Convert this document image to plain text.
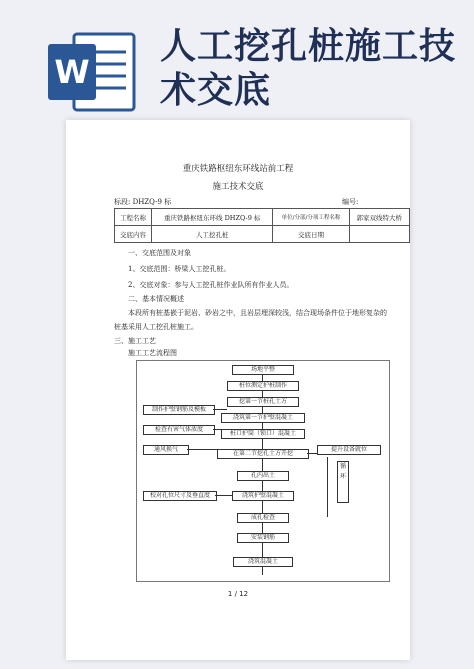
W
人工挖孔桩施工技术交底
重庆铁路枢纽东环线站前工程
施工技术交底
标段: DHZQ-9 标	编号:
工程名称	重庆铁路枢纽东环线 DHZQ-9 标	单位/分部/分项工程名称	郭家双线特大桥
交底内容	人工挖孔桩	交底日期	
一、交底范围及对象
1、交底范围：桥梁人工挖孔桩。
2、交底对象：参与人工挖孔桩作业队所有作业人员。
二、基本情况概述
本段所有桩基嵌于泥岩、砂岩之中，且岩层埋深较浅，结合现场条件位于地形复杂的
桩基采用人工挖孔桩施工。
三、施工工艺
施工工艺流程图
场地平整
桩位测定护桩制作
挖第一节桩孔土方
浇筑第一节护壁混凝土
桩口护筒（锁口）混凝土
提升设备就位
在第二节挖孔土方开挖
孔内出土
浇筑护壁混凝土
成孔检查
安装钢筋
浇筑混凝土
制作护壁钢筋及模板
检查有害气体浓度
通风换气
校对孔位尺寸及垂直度
循环
1 / 12
